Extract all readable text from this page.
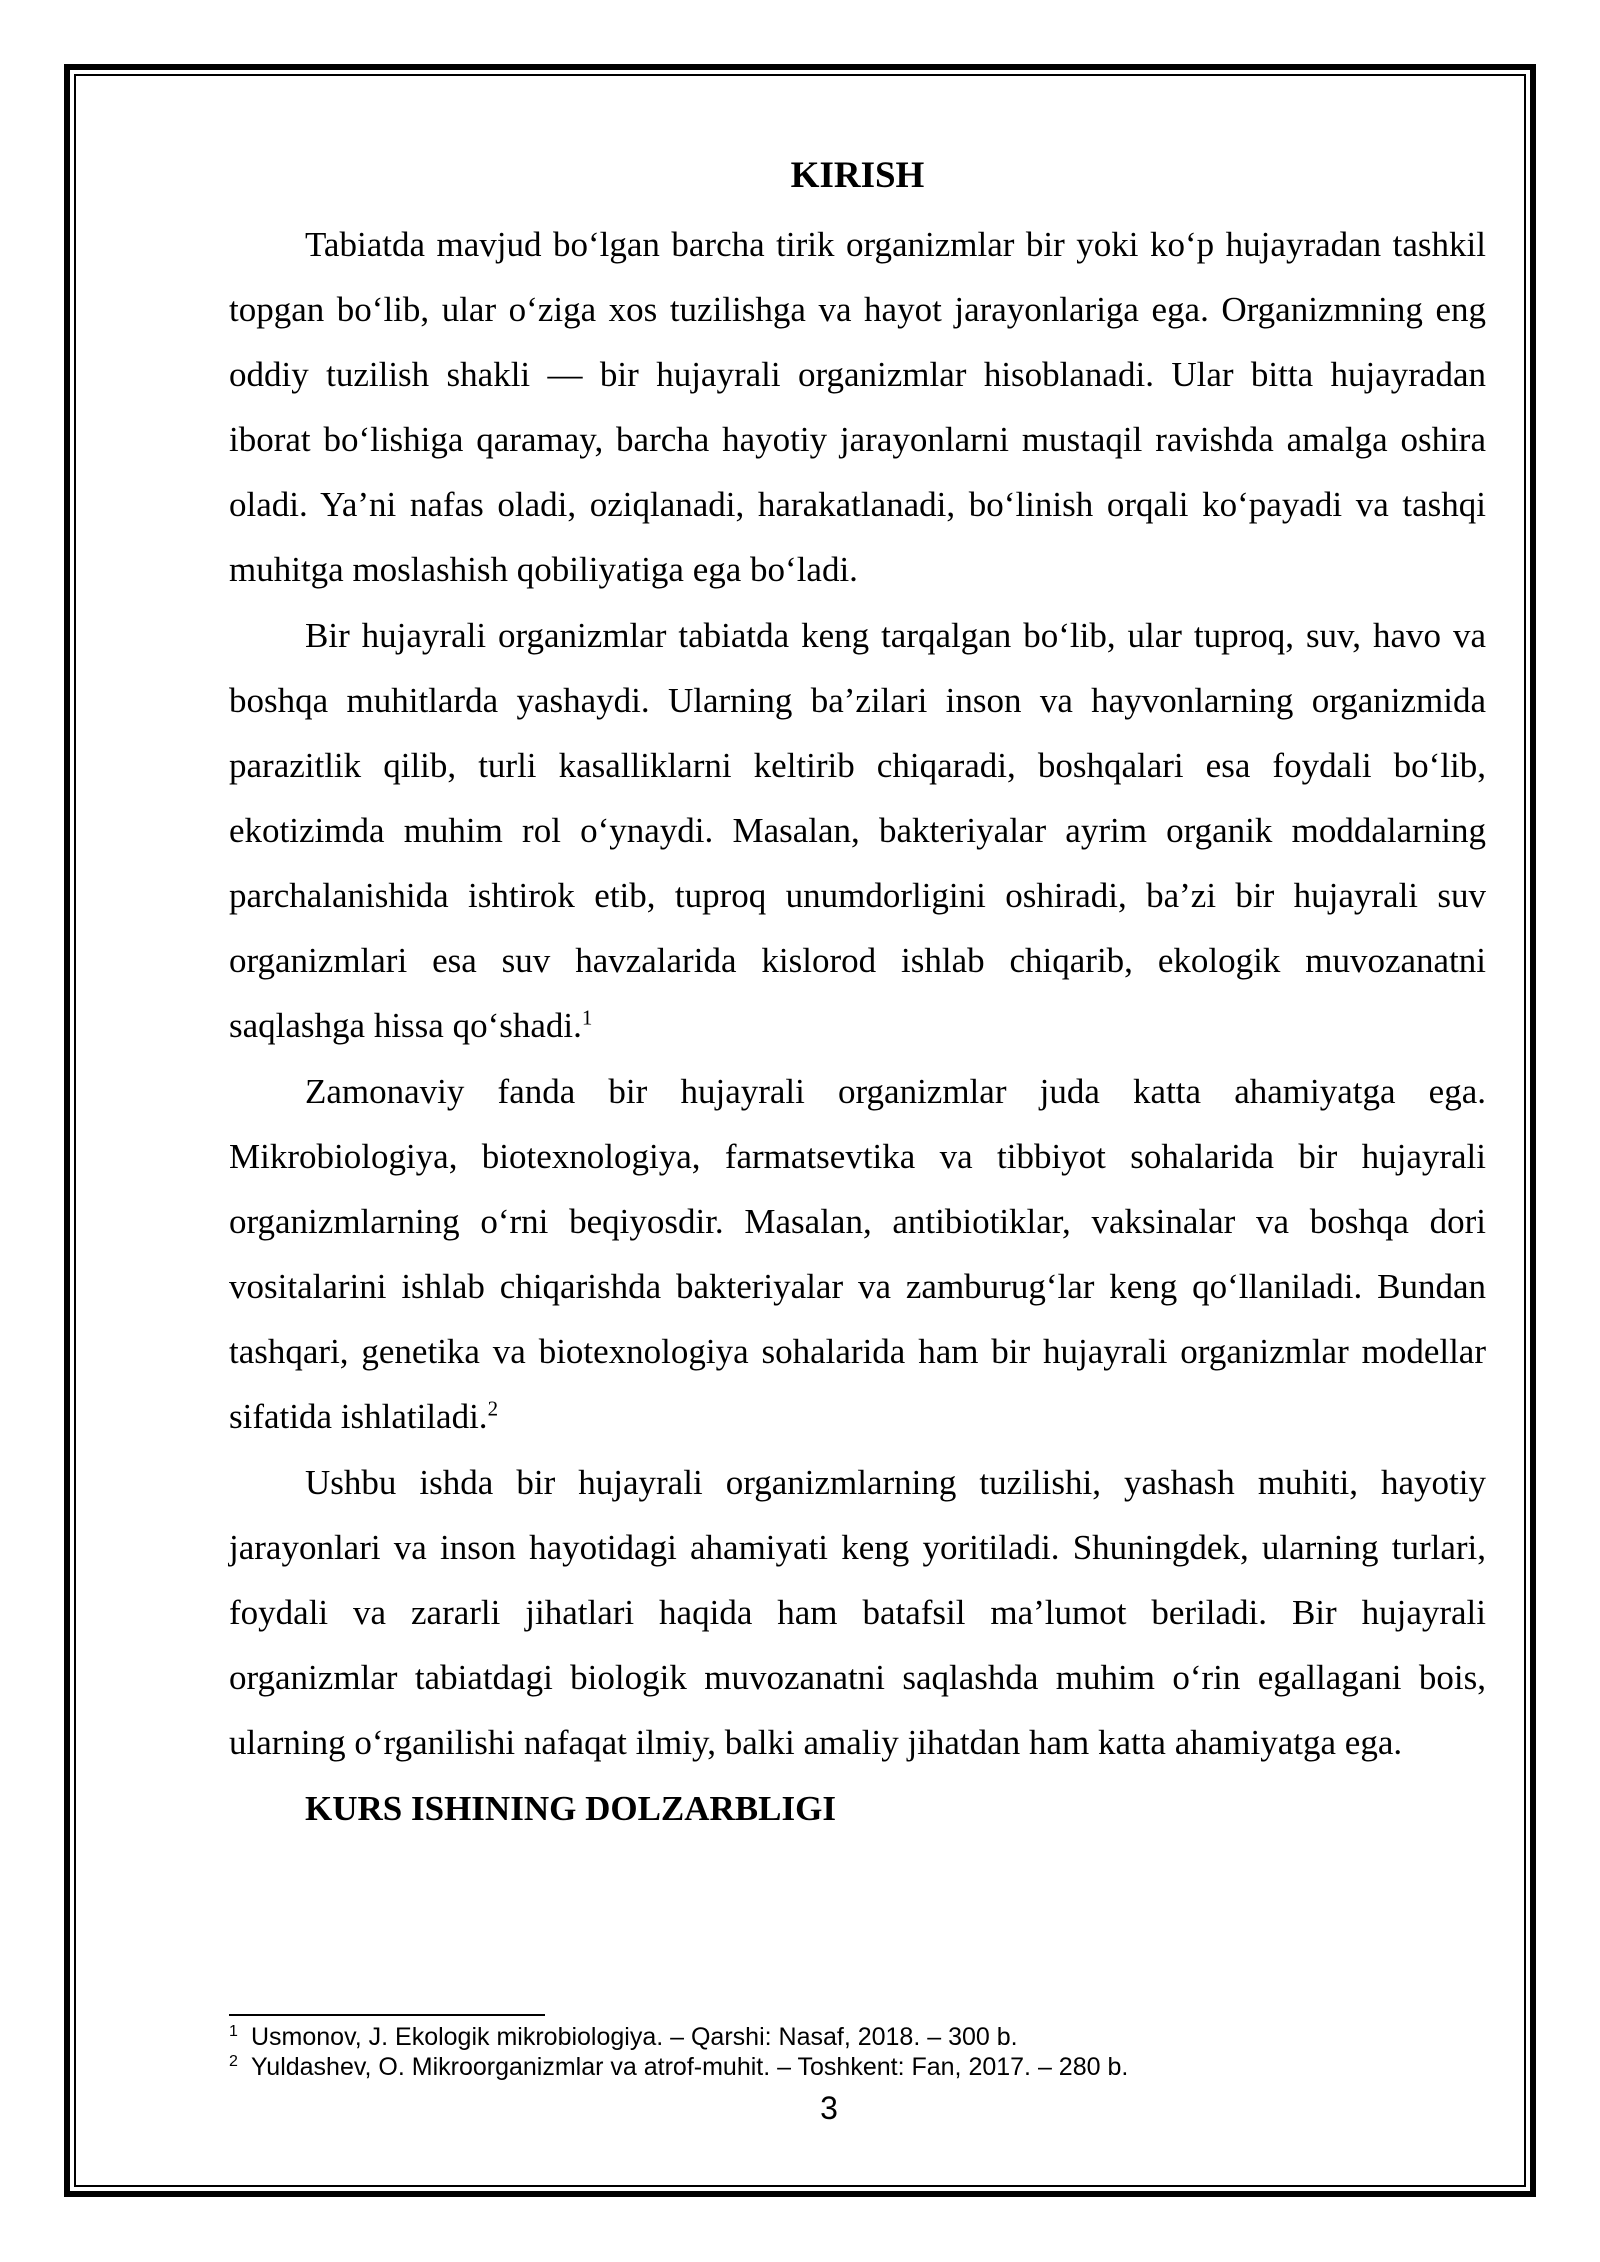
KIRISH

Tabiatda mavjud bo‘lgan barcha tirik organizmlar bir yoki ko‘p hujayradan tashkil topgan bo‘lib, ular o‘ziga xos tuzilishga va hayot jarayonlariga ega. Organizmning eng oddiy tuzilish shakli — bir hujayrali organizmlar hisoblanadi. Ular bitta hujayradan iborat bo‘lishiga qaramay, barcha hayotiy jarayonlarni mustaqil ravishda amalga oshira oladi. Ya’ni nafas oladi, oziqlanadi, harakatlanadi, bo‘linish orqali ko‘payadi va tashqi muhitga moslashish qobiliyatiga ega bo‘ladi.

Bir hujayrali organizmlar tabiatda keng tarqalgan bo‘lib, ular tuproq, suv, havo va boshqa muhitlarda yashaydi. Ularning ba’zilari inson va hayvonlarning organizmida parazitlik qilib, turli kasalliklarni keltirib chiqaradi, boshqalari esa foydali bo‘lib, ekotizimda muhim rol o‘ynaydi. Masalan, bakteriyalar ayrim organik moddalarning parchalanishida ishtirok etib, tuproq unumdorligini oshiradi, ba’zi bir hujayrali suv organizmlari esa suv havzalarida kislorod ishlab chiqarib, ekologik muvozanatni saqlashga hissa qo‘shadi.$^1$

Zamonaviy fanda bir hujayrali organizmlar juda katta ahamiyatga ega. Mikrobiologiya, biotexnologiya, farmatsevtika va tibbiyot sohalarida bir hujayrali organizmlarning o‘rni beqiyosdir. Masalan, antibiotiklar, vaksinalar va boshqa dori vositalarini ishlab chiqarishda bakteriyalar va zamburug‘lar keng qo‘llaniladi. Bundan tashqari, genetika va biotexnologiya sohalarida ham bir hujayrali organizmlar modellar sifatida ishlatiladi.$^2$

Ushbu ishda bir hujayrali organizmlarning tuzilishi, yashash muhiti, hayotiy jarayonlari va inson hayotidagi ahamiyati keng yoritiladi. Shuningdek, ularning turlari, foydali va zararli jihatlari haqida ham batafsil ma’lumot beriladi. Bir hujayrali organizmlar tabiatdagi biologik muvozanatni saqlashda muhim o‘rin egallagani bois, ularning o‘rganilishi nafaqat ilmiy, balki amaliy jihatdan ham katta ahamiyatga ega.

KURS ISHINING DOLZARBLIGI
1 Usmonov, J. Ekologik mikrobiologiya. – Qarshi: Nasaf, 2018. – 300 b.
2 Yuldashev, O. Mikroorganizmlar va atrof-muhit. – Toshkent: Fan, 2017. – 280 b.
3
